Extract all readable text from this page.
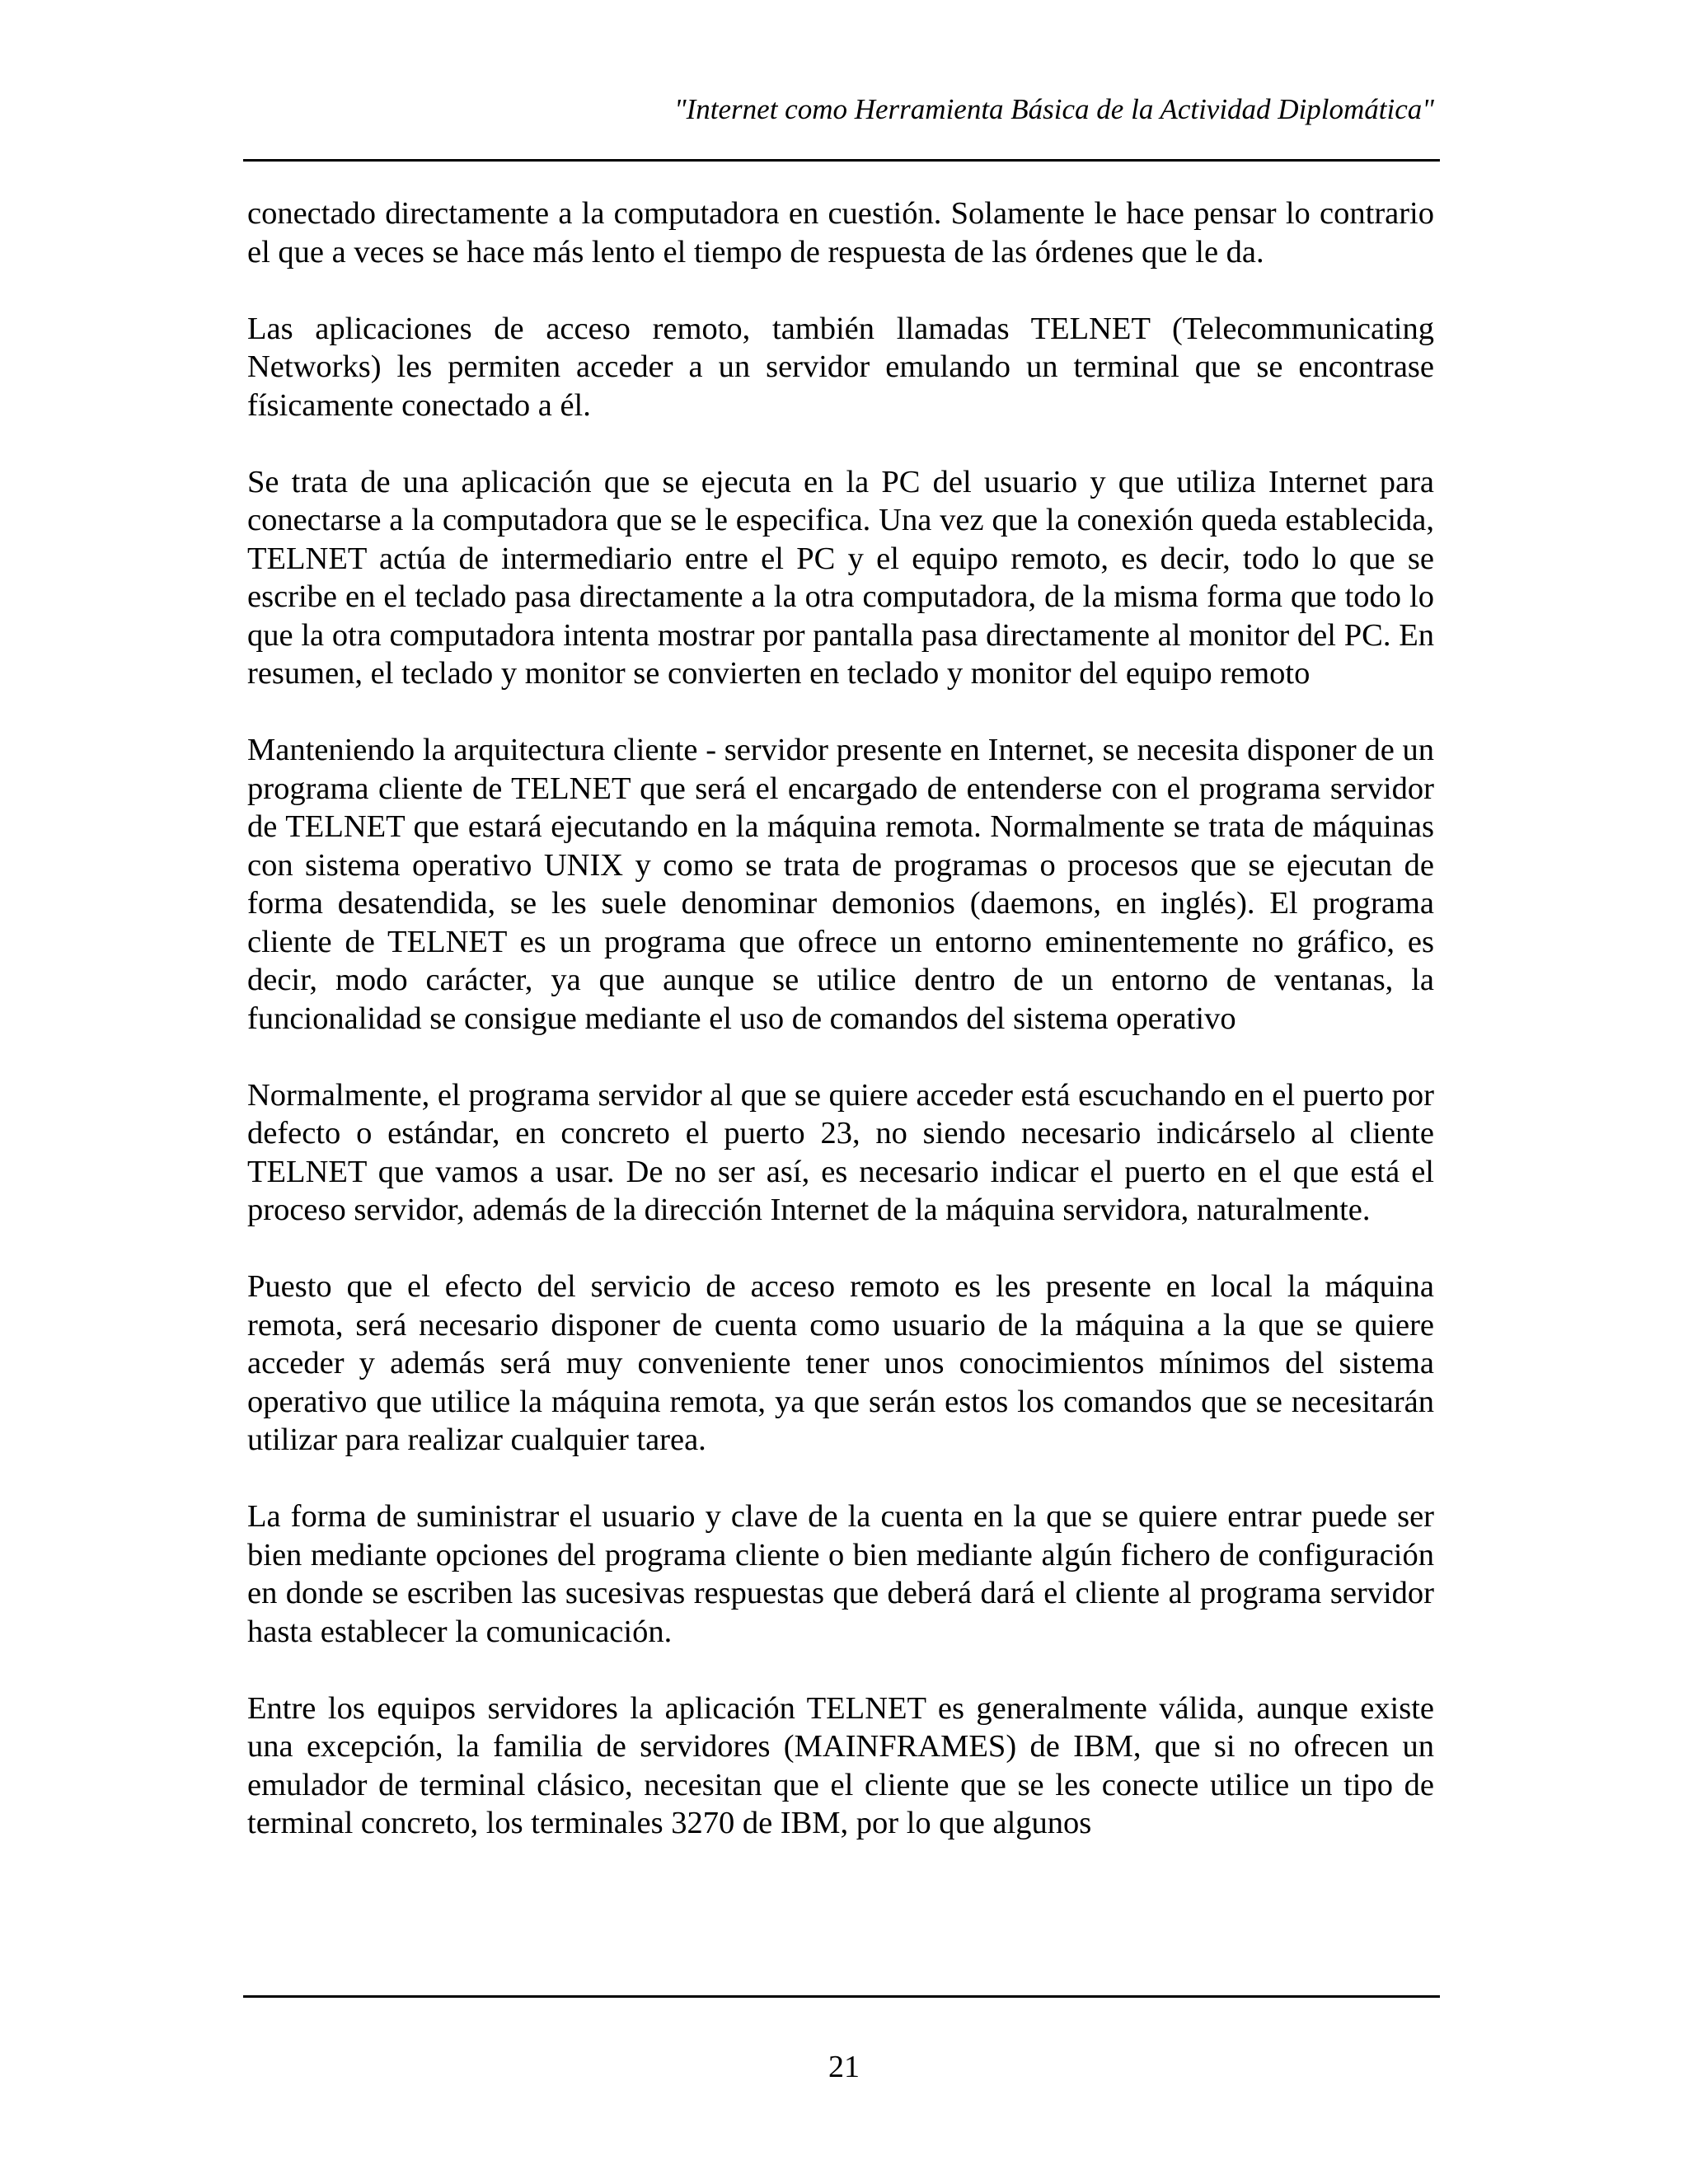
"Internet como Herramienta Básica de la Actividad Diplomática"

conectado directamente a la computadora en cuestión. Solamente le hace pensar lo contrario el que a veces se hace más lento el tiempo de respuesta de las órdenes que le da.

Las aplicaciones de acceso remoto, también llamadas TELNET (Telecommunicating Networks) les permiten acceder a un servidor emulando un terminal que se encontrase físicamente conectado a él.

Se trata de una aplicación que se ejecuta en la PC del usuario y que utiliza Internet para conectarse a la computadora que se le especifica. Una vez que la conexión queda establecida, TELNET actúa de intermediario entre el PC y el equipo remoto, es decir, todo lo que se escribe en el teclado pasa directamente a la otra computadora, de la misma forma que todo lo que la otra computadora intenta mostrar por pantalla pasa directamente al monitor del PC. En resumen, el teclado y monitor se convierten en teclado y monitor del equipo remoto

Manteniendo la arquitectura cliente - servidor presente en Internet, se necesita disponer de un programa cliente de TELNET que será el encargado de entenderse con el programa servidor de TELNET que estará ejecutando en la máquina remota. Normalmente se trata de máquinas con sistema operativo UNIX y como se trata de programas o procesos que se ejecutan de forma desatendida, se les suele denominar demonios (daemons, en inglés). El programa cliente de TELNET es un programa que ofrece un entorno eminentemente no gráfico, es decir, modo carácter, ya que aunque se utilice dentro de un entorno de ventanas, la funcionalidad se consigue mediante el uso de comandos del sistema operativo

Normalmente, el programa servidor al que se quiere acceder está escuchando en el puerto por defecto o estándar, en concreto el puerto 23, no siendo necesario indicárselo al cliente TELNET que vamos a usar. De no ser así, es necesario indicar el puerto en el que está el proceso servidor, además de la dirección Internet de la máquina servidora, naturalmente.

Puesto que el efecto del servicio de acceso remoto es les presente en local la máquina remota, será necesario disponer de cuenta como usuario de la máquina a la que se quiere acceder y además será muy conveniente tener unos conocimientos mínimos del sistema operativo que utilice la máquina remota, ya que serán estos los comandos que se necesitarán utilizar para realizar cualquier tarea.

La forma de suministrar el usuario y clave de la cuenta en la que se quiere entrar puede ser bien mediante opciones del programa cliente o bien mediante algún fichero de configuración en donde se escriben las sucesivas respuestas que deberá dará el cliente al programa servidor hasta establecer la comunicación.

Entre los equipos servidores la aplicación TELNET es generalmente válida, aunque existe una excepción, la familia de servidores (MAINFRAMES) de IBM, que si no ofrecen un emulador de terminal clásico, necesitan que el cliente que se les conecte utilice un tipo de terminal concreto, los terminales 3270 de IBM, por lo que algunos

21
